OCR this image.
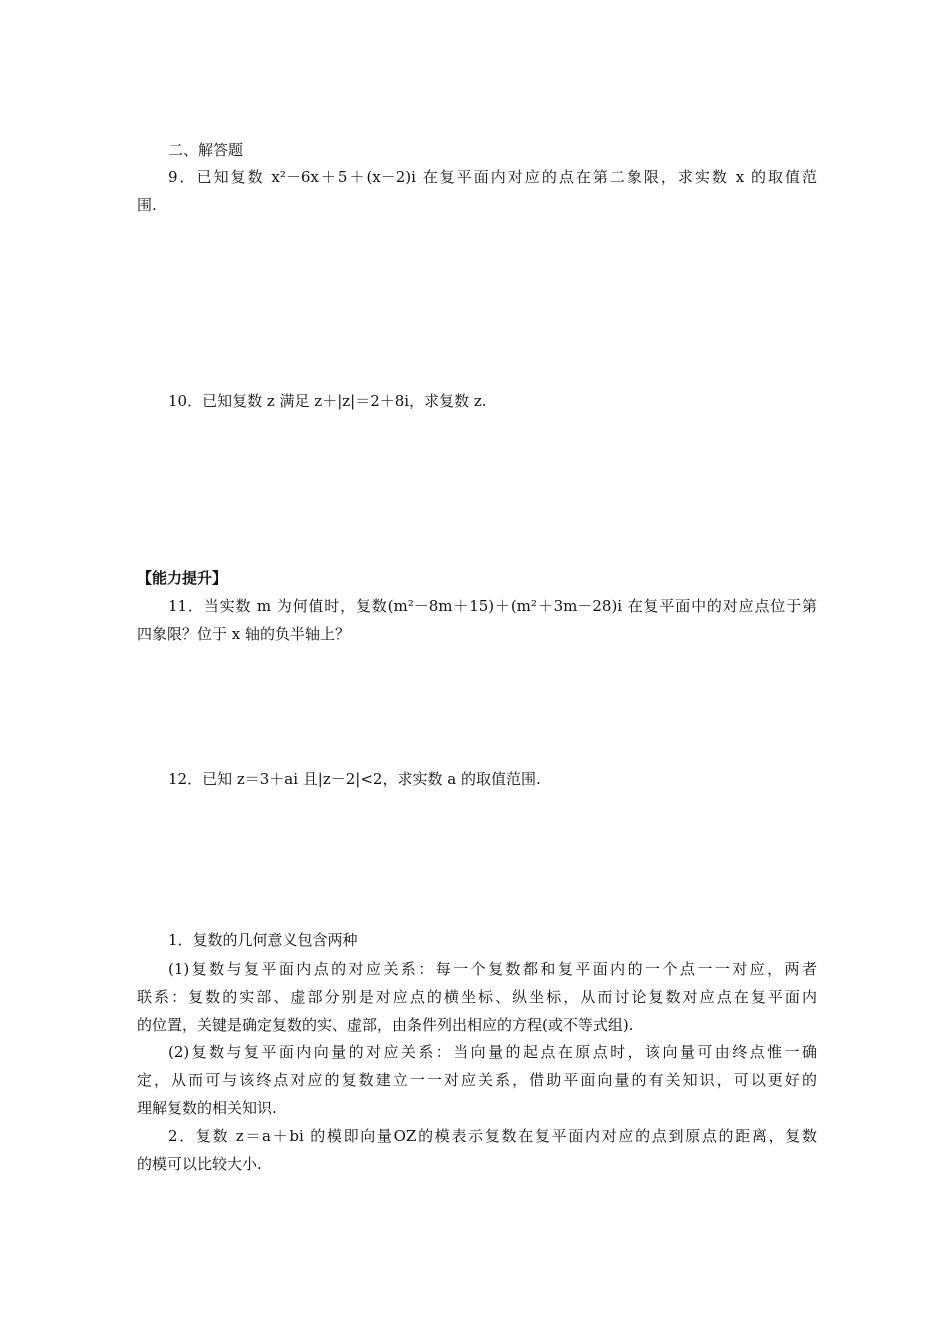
二、解答题
9．已知复数 x²－6x＋5＋(x－2)i 在复平面内对应的点在第二象限，求实数 x 的取值范
围.
10．已知复数 z 满足 z＋|z|＝2＋8i，求复数 z.
【能力提升】
11．当实数 m 为何值时，复数(m²－8m＋15)＋(m²＋3m－28)i 在复平面中的对应点位于第
四象限？位于 x 轴的负半轴上？
12．已知 z＝3＋ai 且|z－2|<2，求实数 a 的取值范围.
1．复数的几何意义包含两种
(1)复数与复平面内点的对应关系：每一个复数都和复平面内的一个点一一对应，两者
联系：复数的实部、虚部分别是对应点的横坐标、纵坐标，从而讨论复数对应点在复平面内
的位置，关键是确定复数的实、虚部，由条件列出相应的方程(或不等式组).
(2)复数与复平面内向量的对应关系：当向量的起点在原点时，该向量可由终点惟一确
定，从而可与该终点对应的复数建立一一对应关系，借助平面向量的有关知识，可以更好的
理解复数的相关知识.
2．复数 z＝a＋bi 的模即向量OZ的模表示复数在复平面内对应的点到原点的距离，复数
的模可以比较大小.
